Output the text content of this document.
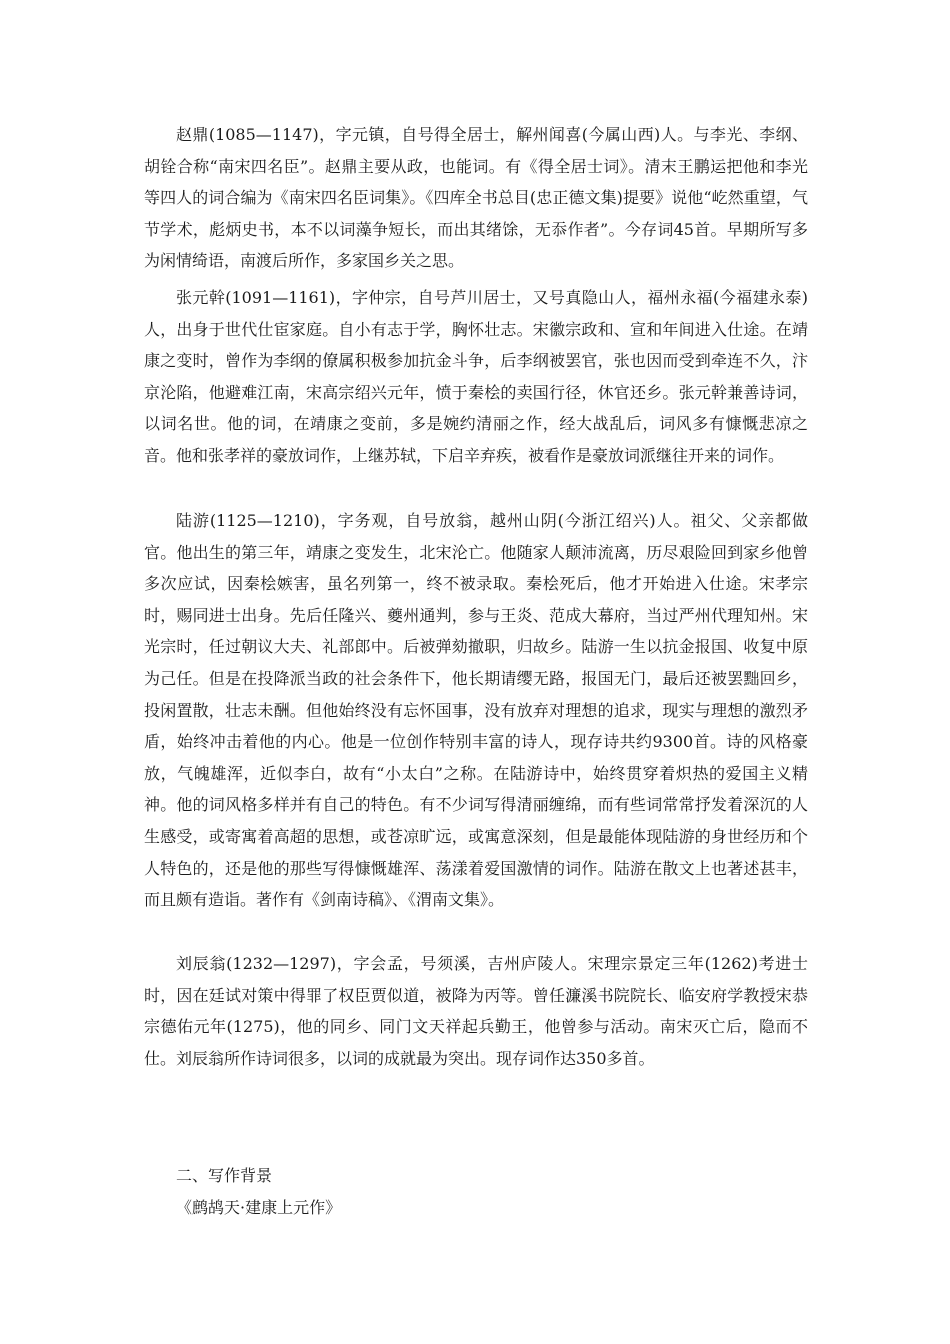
赵鼎(1085—1147)，字元镇，自号得全居士，解州闻喜(今属山西)人。与李光、李纲、胡铨合称“南宋四名臣”。赵鼎主要从政，也能词。有《得全居士词》。清末王鹏运把他和李光等四人的词合编为《南宋四名臣词集》。《四库全书总目(忠正德文集)提要》说他“屹然重望，气节学术，彪炳史书，本不以词藻争短长，而出其绪馀，无忝作者”。今存词45首。早期所写多为闲情绮语，南渡后所作，多家国乡关之思。

张元幹(1091—1161)，字仲宗，自号芦川居士，又号真隐山人，福州永福(今福建永泰)人，出身于世代仕宦家庭。自小有志于学，胸怀壮志。宋徽宗政和、宣和年间进入仕途。在靖康之变时，曾作为李纲的僚属积极参加抗金斗争，后李纲被罢官，张也因而受到牵连不久，汴京沦陷，他避难江南，宋高宗绍兴元年，愤于秦桧的卖国行径，休官还乡。张元幹兼善诗词，以词名世。他的词，在靖康之变前，多是婉约清丽之作，经大战乱后，词风多有慷慨悲凉之音。他和张孝祥的豪放词作，上继苏轼，下启辛弃疾，被看作是豪放词派继往开来的词作。

陆游(1125—1210)，字务观，自号放翁，越州山阴(今浙江绍兴)人。祖父、父亲都做官。他出生的第三年，靖康之变发生，北宋沦亡。他随家人颠沛流离，历尽艰险回到家乡他曾多次应试，因秦桧嫉害，虽名列第一，终不被录取。秦桧死后，他才开始进入仕途。宋孝宗时，赐同进士出身。先后任隆兴、夔州通判，参与王炎、范成大幕府，当过严州代理知州。宋光宗时，任过朝议大夫、礼部郎中。后被弹劾撤职，归故乡。陆游一生以抗金报国、收复中原为己任。但是在投降派当政的社会条件下，他长期请缨无路，报国无门，最后还被罢黜回乡，投闲置散，壮志未酬。但他始终没有忘怀国事，没有放弃对理想的追求，现实与理想的激烈矛盾，始终冲击着他的内心。他是一位创作特别丰富的诗人，现存诗共约9300首。诗的风格豪放，气魄雄浑，近似李白，故有“小太白”之称。在陆游诗中，始终贯穿着炽热的爱国主义精神。他的词风格多样并有自己的特色。有不少词写得清丽缠绵，而有些词常常抒发着深沉的人生感受，或寄寓着高超的思想，或苍凉旷远，或寓意深刻，但是最能体现陆游的身世经历和个人特色的，还是他的那些写得慷慨雄浑、荡漾着爱国激情的词作。陆游在散文上也著述甚丰，而且颇有造诣。著作有《剑南诗稿》、《渭南文集》。

刘辰翁(1232—1297)，字会孟，号须溪，吉州庐陵人。宋理宗景定三年(1262)考进士时，因在廷试对策中得罪了权臣贾似道，被降为丙等。曾任濂溪书院院长、临安府学教授宋恭宗德佑元年(1275)，他的同乡、同门文天祥起兵勤王，他曾参与活动。南宋灭亡后，隐而不仕。刘辰翁所作诗词很多，以词的成就最为突出。现存词作达350多首。

二、写作背景

《鹧鸪天·建康上元作》
